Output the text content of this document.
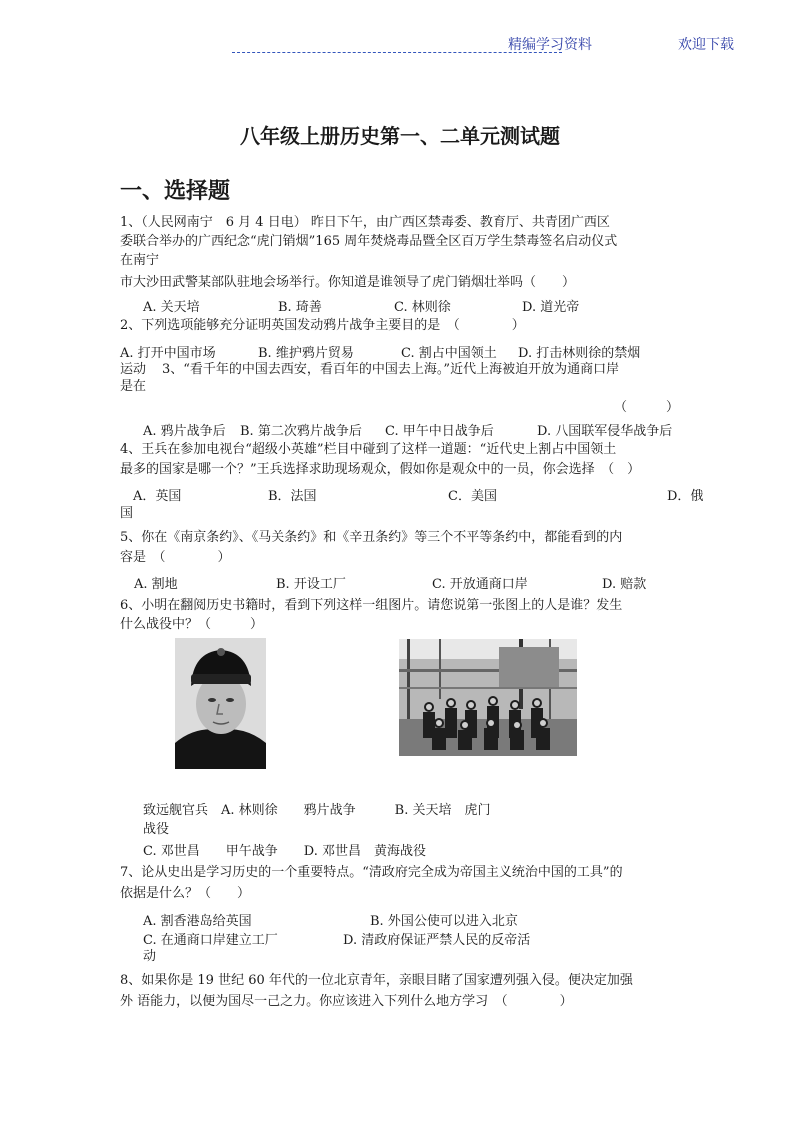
精编学习资料	欢迎下载
八年级上册历史第一、二单元测试题
一、选择题
1、（人民网南宁　6 月 4 日电） 昨日下午，由广西区禁毒委、教育厅、共青团广西区
委联合举办的广西纪念“虎门销烟”165 周年焚烧毒品暨全区百万学生禁毒签名启动仪式
在南宁
市大沙田武警某部队驻地会场举行。你知道是谁领导了虎门销烟壮举吗（　　）
A. 关天培	B. 琦善	C. 林则徐	D. 道光帝
2、下列选项能够充分证明英国发动鸦片战争主要目的是　（　　　　）
A. 打开中国市场	B. 维护鸦片贸易	C. 割占中国领土 D. 打击林则徐的禁烟
运动 3、“看千年的中国去西安，看百年的中国去上海。”近代上海被迫开放为通商口岸
是在
（　　　）
A. 鸦片战争后 B. 第二次鸦片战争后 C. 甲午中日战争后	D. 八国联军侵华战争后
4、王兵在参加电视台“超级小英雄”栏目中碰到了这样一道题：“近代史上割占中国领土
最多的国家是哪一个？”王兵选择求助现场观众，假如你是观众中的一员，你会选择　（　）
A．英国	B．法国	C．美国	D．俄
国
5、你在《南京条约》、《马关条约》和《辛丑条约》等三个不平等条约中，都能看到的内
容是　（　　　　）
A. 割地	B. 开设工厂	C. 开放通商口岸	D. 赔款
6、小明在翻阅历史书籍时，看到下列这样一组图片。请您说第一张图上的人是谁？发生
什么战役中？（　　　）
致远舰官兵　A. 林则徐　　鸦片战争　　　B. 关天培　虎门
战役
C. 邓世昌　　甲午战争　　D. 邓世昌　黄海战役
7、论从史出是学习历史的一个重要特点。“清政府完全成为帝国主义统治中国的工具”的
依据是什么？（　　）
A. 割香港岛给英国	B. 外国公使可以进入北京
C. 在通商口岸建立工厂	D. 清政府保证严禁人民的反帝活
动
8、如果你是 19 世纪 60 年代的一位北京青年，亲眼目睹了国家遭列强入侵。便决定加强
外 语能力，以便为国尽一己之力。你应该进入下列什么地方学习　（　　　　）
